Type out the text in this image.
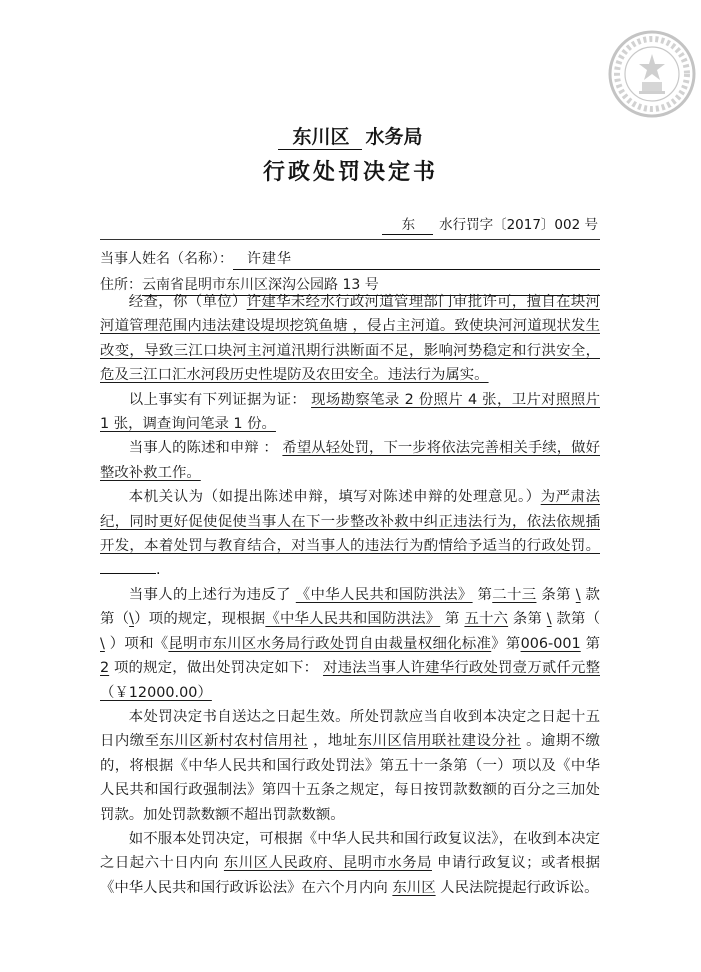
东川区 水务局
行政处罚决定书
东 水行罚字〔2017〕002 号
当事人姓名（名称）：	许建华
住所： 云南省昆明市东川区深沟公园路 13 号

经查，你（单位）许建华未经水行政河道管理部门审批许可，擅自在块河河道管理范围内违法建设堤坝挖筑鱼塘 ，侵占主河道。致使块河河道现状发生改变，导致三江口块河主河道汛期行洪断面不足，影响河势稳定和行洪安全，危及三江口汇水河段历史性堤防及农田安全。违法行为属实。

以上事实有下列证据为证： 现场勘察笔录 2 份照片 4 张，卫片对照照片 1 张，调查询问笔录 1 份。

当事人的陈述和申辩 ： 希望从轻处罚，下一步将依法完善相关手续，做好整改补救工作。

本机关认为（如提出陈述申辩，填写对陈述申辩的处理意见。）为严肃法纪，同时更好促使促使当事人在下一步整改补救中纠正违法行为，依法依规插开发，本着处罚与教育结合，对当事人的违法行为酌情给予适当的行政处罚。.

当事人的上述行为违反了 《中华人民共和国防洪法》 第二十三 条第 \ 款第（\）项的规定，现根据《中华人民共和国防洪法》 第 五十六 条第 \ 款第（ \ ）项和《昆明市东川区水务局行政处罚自由裁量权细化标准》第006-001 第 2 项的规定，做出处罚决定如下： 对违法当事人许建华行政处罚壹万贰仟元整（￥12000.00）

本处罚决定书自送达之日起生效。所处罚款应当自收到本决定之日起十五日内缴至东川区新村农村信用社 ，地址东川区信用联社建设分社 。逾期不缴的，将根据《中华人民共和国行政处罚法》第五十一条第（一）项以及《中华人民共和国行政强制法》第四十五条之规定，每日按罚款数额的百分之三加处罚款。加处罚款数额不超出罚款数额。

如不服本处罚决定，可根据《中华人民共和国行政复议法》，在收到本决定之日起六十日内向 东川区人民政府、昆明市水务局 申请行政复议；或者根据《中华人民共和国行政诉讼法》在六个月内向 东川区 人民法院提起行政诉讼。
